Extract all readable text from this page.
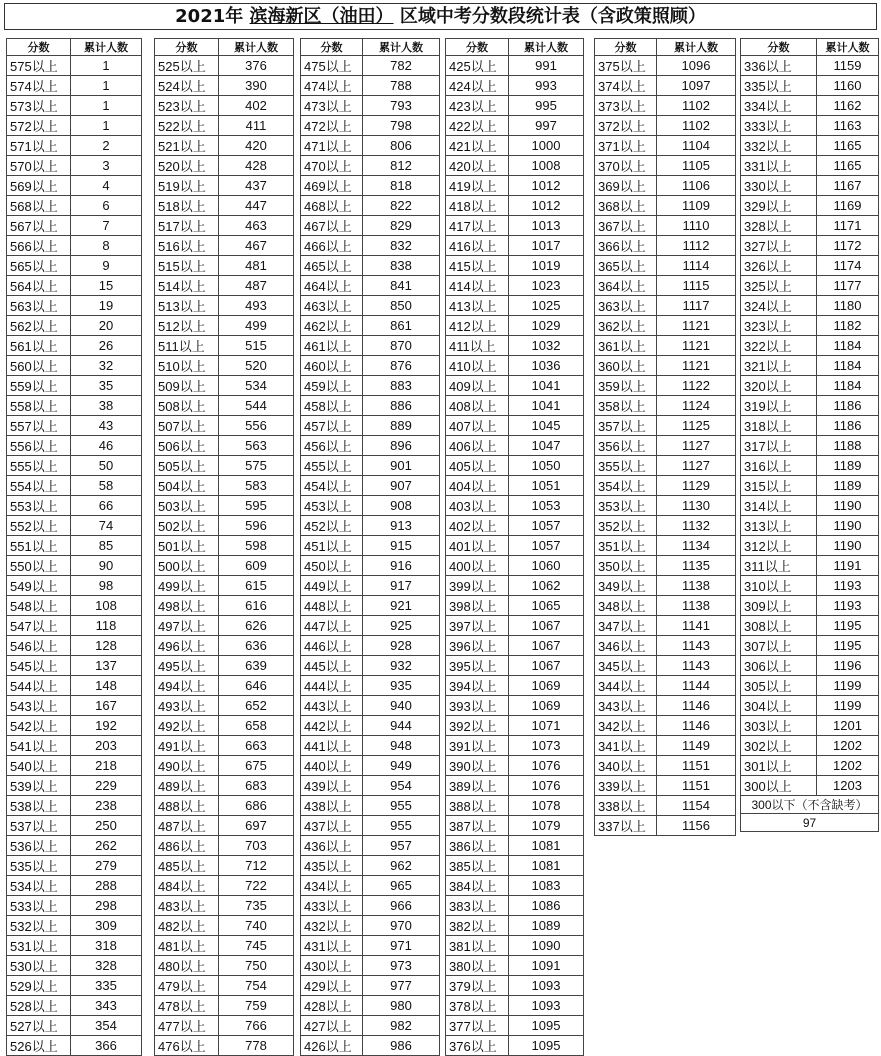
2021年 滨海新区（油田） 区域中考分数段统计表（含政策照顾）
分数	累计人数
575以上	1
574以上	1
573以上	1
572以上	1
571以上	2
570以上	3
569以上	4
568以上	6
567以上	7
566以上	8
565以上	9
564以上	15
563以上	19
562以上	20
561以上	26
560以上	32
559以上	35
558以上	38
557以上	43
556以上	46
555以上	50
554以上	58
553以上	66
552以上	74
551以上	85
550以上	90
549以上	98
548以上	108
547以上	118
546以上	128
545以上	137
544以上	148
543以上	167
542以上	192
541以上	203
540以上	218
539以上	229
538以上	238
537以上	250
536以上	262
535以上	279
534以上	288
533以上	298
532以上	309
531以上	318
530以上	328
529以上	335
528以上	343
527以上	354
526以上	366
分数	累计人数
525以上	376
524以上	390
523以上	402
522以上	411
521以上	420
520以上	428
519以上	437
518以上	447
517以上	463
516以上	467
515以上	481
514以上	487
513以上	493
512以上	499
511以上	515
510以上	520
509以上	534
508以上	544
507以上	556
506以上	563
505以上	575
504以上	583
503以上	595
502以上	596
501以上	598
500以上	609
499以上	615
498以上	616
497以上	626
496以上	636
495以上	639
494以上	646
493以上	652
492以上	658
491以上	663
490以上	675
489以上	683
488以上	686
487以上	697
486以上	703
485以上	712
484以上	722
483以上	735
482以上	740
481以上	745
480以上	750
479以上	754
478以上	759
477以上	766
476以上	778
分数	累计人数
475以上	782
474以上	788
473以上	793
472以上	798
471以上	806
470以上	812
469以上	818
468以上	822
467以上	829
466以上	832
465以上	838
464以上	841
463以上	850
462以上	861
461以上	870
460以上	876
459以上	883
458以上	886
457以上	889
456以上	896
455以上	901
454以上	907
453以上	908
452以上	913
451以上	915
450以上	916
449以上	917
448以上	921
447以上	925
446以上	928
445以上	932
444以上	935
443以上	940
442以上	944
441以上	948
440以上	949
439以上	954
438以上	955
437以上	955
436以上	957
435以上	962
434以上	965
433以上	966
432以上	970
431以上	971
430以上	973
429以上	977
428以上	980
427以上	982
426以上	986
分数	累计人数
425以上	991
424以上	993
423以上	995
422以上	997
421以上	1000
420以上	1008
419以上	1012
418以上	1012
417以上	1013
416以上	1017
415以上	1019
414以上	1023
413以上	1025
412以上	1029
411以上	1032
410以上	1036
409以上	1041
408以上	1041
407以上	1045
406以上	1047
405以上	1050
404以上	1051
403以上	1053
402以上	1057
401以上	1057
400以上	1060
399以上	1062
398以上	1065
397以上	1067
396以上	1067
395以上	1067
394以上	1069
393以上	1069
392以上	1071
391以上	1073
390以上	1076
389以上	1076
388以上	1078
387以上	1079
386以上	1081
385以上	1081
384以上	1083
383以上	1086
382以上	1089
381以上	1090
380以上	1091
379以上	1093
378以上	1093
377以上	1095
376以上	1095
分数	累计人数
375以上	1096
374以上	1097
373以上	1102
372以上	1102
371以上	1104
370以上	1105
369以上	1106
368以上	1109
367以上	1110
366以上	1112
365以上	1114
364以上	1115
363以上	1117
362以上	1121
361以上	1121
360以上	1121
359以上	1122
358以上	1124
357以上	1125
356以上	1127
355以上	1127
354以上	1129
353以上	1130
352以上	1132
351以上	1134
350以上	1135
349以上	1138
348以上	1138
347以上	1141
346以上	1143
345以上	1143
344以上	1144
343以上	1146
342以上	1146
341以上	1149
340以上	1151
339以上	1151
338以上	1154
337以上	1156
分数	累计人数
336以上	1159
335以上	1160
334以上	1162
333以上	1163
332以上	1165
331以上	1165
330以上	1167
329以上	1169
328以上	1171
327以上	1172
326以上	1174
325以上	1177
324以上	1180
323以上	1182
322以上	1184
321以上	1184
320以上	1184
319以上	1186
318以上	1186
317以上	1188
316以上	1189
315以上	1189
314以上	1190
313以上	1190
312以上	1190
311以上	1191
310以上	1193
309以上	1193
308以上	1195
307以上	1195
306以上	1196
305以上	1199
304以上	1199
303以上	1201
302以上	1202
301以上	1202
300以上	1203
300以下（不含缺考）	
97	
